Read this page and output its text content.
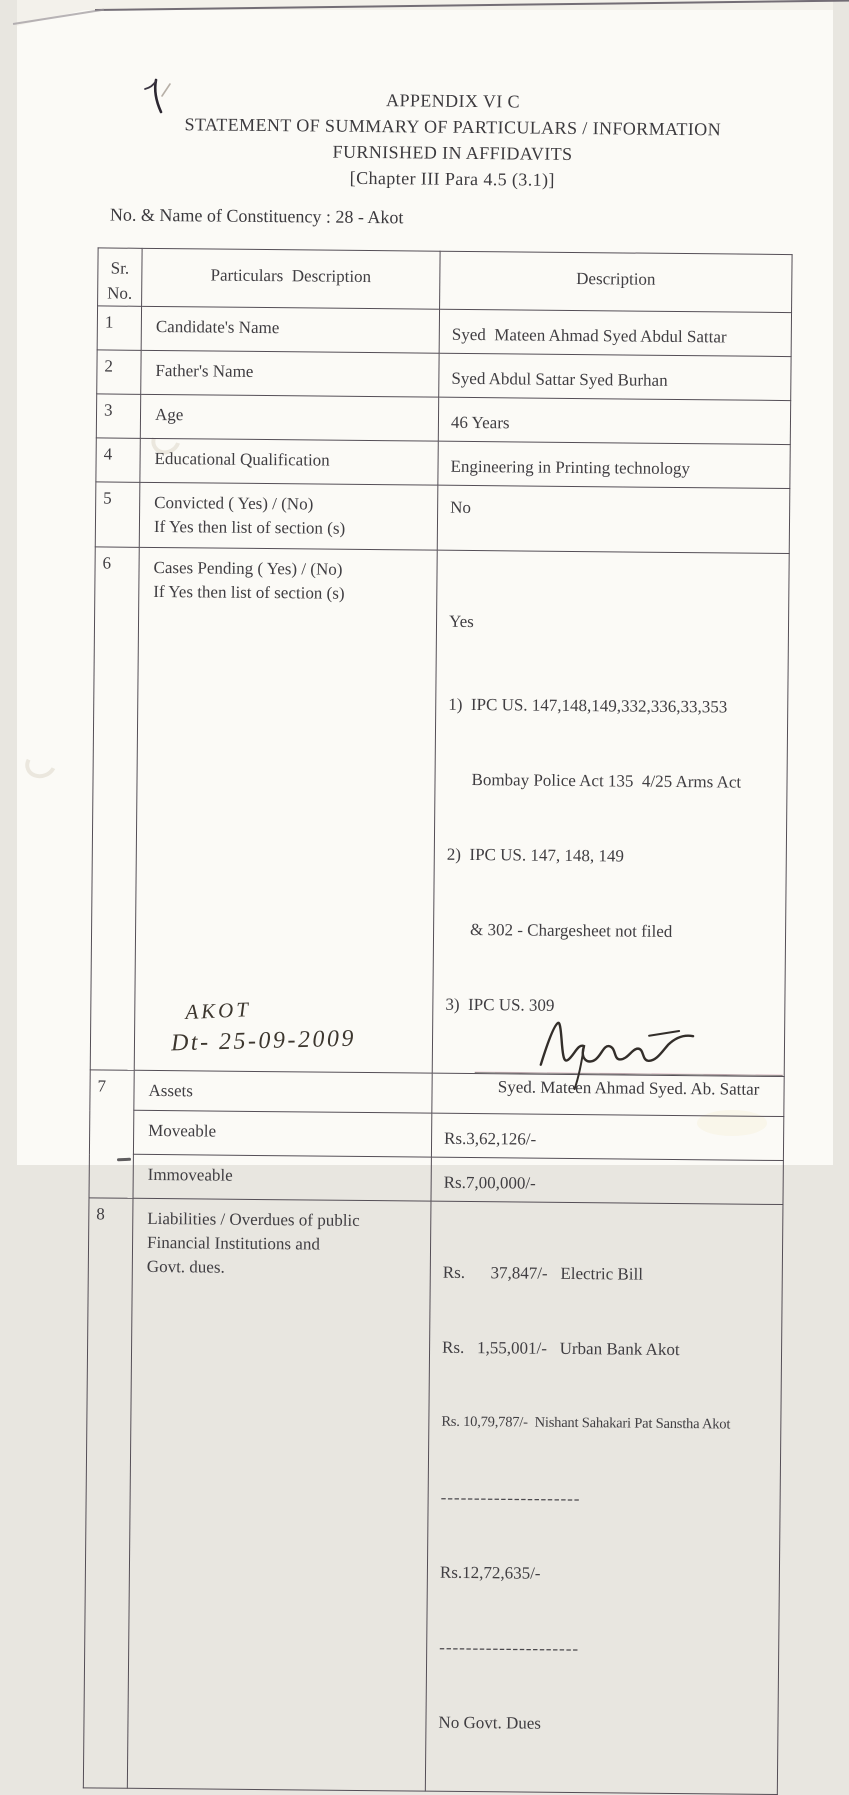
APPENDIX VI C
STATEMENT OF SUMMARY OF PARTICULARS / INFORMATION
FURNISHED IN AFFIDAVITS
[Chapter III Para 4.5 (3.1)]
No. & Name of Constituency : 28 - Akot
Sr.
No.	Particulars  Description	Description
1	Candidate's Name	Syed  Mateen Ahmad Syed Abdul Sattar
2	Father's Name	Syed Abdul Sattar Syed Burhan
3	Age	46 Years
4	Educational Qualification	Engineering in Printing technology
5	Convicted ( Yes) / (No)
If Yes then list of section (s)	No
6	Cases Pending ( Yes) / (No)
If Yes then list of section (s)

Yes

1)  IPC US. 147,148,149,332,336,33,353

Bombay Police Act 135  4/25 Arms Act

2)  IPC US. 147, 148, 149

& 302 - Chargesheet not filed

3)  IPC US. 309

7	Assets	
	Moveable	Rs.3,62,126/-
	Immoveable	Rs.7,00,000/-
8	Liabilities / Overdues of public
Financial Institutions and
Govt. dues.	Rs.      37,847/-   Electric Bill

Rs.   1,55,001/-   Urban Bank Akot

Rs. 10,79,787/-  Nishant Sahakari Pat Sanstha Akot

---------------------

Rs.12,72,635/-

---------------------

No Govt. Dues

AKOT
Dt- 25-09-2009
Syed. Mateen Ahmad Syed. Ab. Sattar
